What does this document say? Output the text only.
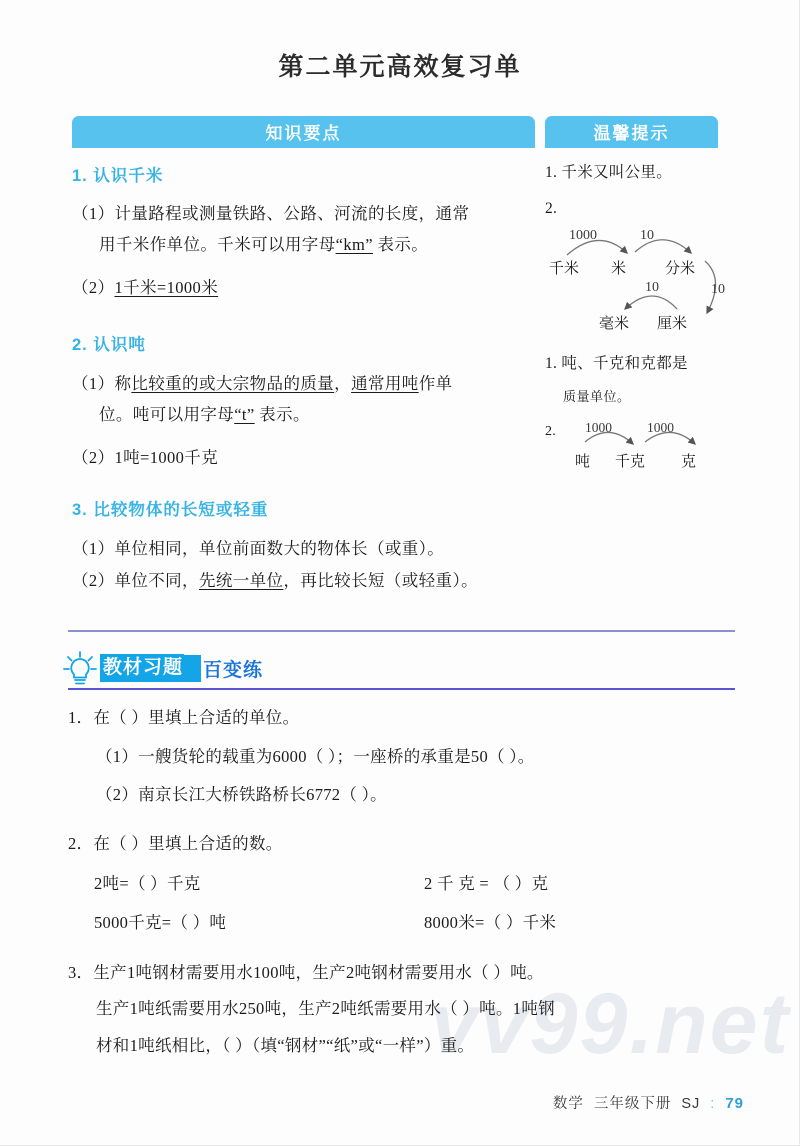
vv99.net
第二单元高效复习单
知识要点	温馨提示
1. 认识千米
（1）计量路程或测量铁路、公路、河流的长度，通常
用千米作单位。千米可以用字母“km” 表示。
（2）1千米=1000米
2. 认识吨
（1）称比较重的或大宗物品的质量，通常用吨作单
位。吨可以用字母“t” 表示。
（2）1吨=1000千克
3. 比较物体的长短或轻重
（1）单位相同，单位前面数大的物体长（或重）。
（2）单位不同，先统一单位，再比较长短（或轻重）。
1. 千米又叫公里。
2.
1000	10
10	10
千米 米	分米
毫米 厘米
1. 吨、千克和克都是
质量单位。
2.	1000	1000
吨 千克 克
教材习题 百变练
1．在（ ）里填上合适的单位。
（1）一艘货轮的载重为6000（ ）；一座桥的承重是50（ ）。
（2）南京长江大桥铁路桥长6772（ ）。
2．在（ ）里填上合适的数。
2吨=（ ）千克	2 千 克 = （ ）克
5000千克=（ ）吨	8000米=（ ）千米
3．生产1吨钢材需要用水100吨，生产2吨钢材需要用水（ ）吨。
生产1吨纸需要用水250吨，生产2吨纸需要用水（ ）吨。1吨钢
材和1吨纸相比，（ ）（填“钢材”“纸”或“一样”）重。
数学 三年级下册 SJ : 79
